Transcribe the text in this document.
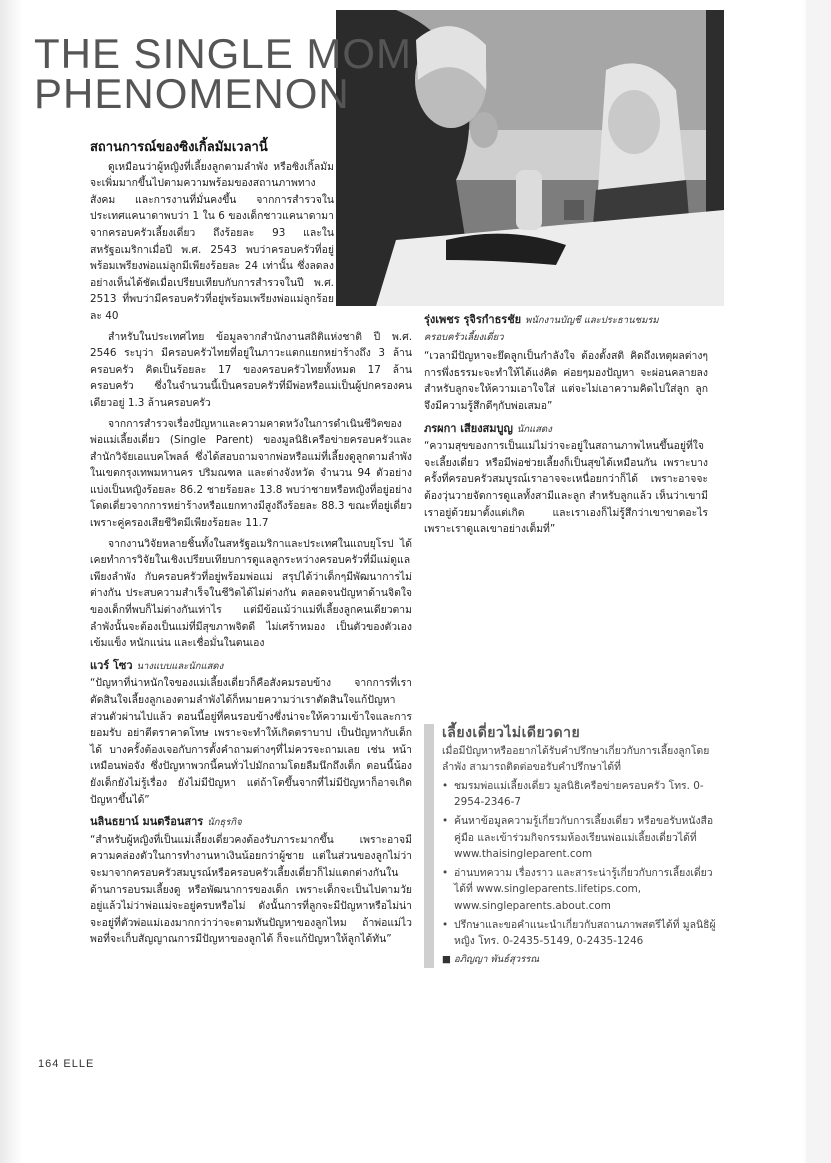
THE SINGLE MOM
PHENOMENON
สถานการณ์ของซิงเกิ้ลมัมเวลานี้

ดูเหมือนว่าผู้หญิงที่เลี้ยงลูกตามลำพัง หรือซิงเกิ้ลมัมจะเพิ่มมากขึ้นไปตามความพร้อมของสถานภาพทางสังคม และการงานที่มั่นคงขึ้น จากการสำรวจในประเทศแคนาดาพบว่า 1 ใน 6 ของเด็กชาวแคนาดามาจากครอบครัวเลี้ยงเดี่ยว ถึงร้อยละ 93 และในสหรัฐอเมริกาเมื่อปี พ.ศ. 2543 พบว่าครอบครัวที่อยู่พร้อมเพรียงพ่อแม่ลูกมีเพียงร้อยละ 24 เท่านั้น ซึ่งลดลงอย่างเห็นได้ชัดเมื่อเปรียบเทียบกับการสำรวจในปี พ.ศ. 2513 ที่พบว่ามีครอบครัวที่อยู่พร้อมเพรียงพ่อแม่ลูกร้อยละ 40

สำหรับในประเทศไทย ข้อมูลจากสำนักงานสถิติแห่งชาติ ปี พ.ศ. 2546 ระบุว่า มีครอบครัวไทยที่อยู่ในภาวะแตกแยกหย่าร้างถึง 3 ล้านครอบครัว คิดเป็นร้อยละ 17 ของครอบครัวไทยทั้งหมด 17 ล้านครอบครัว ซึ่งในจำนวนนี้เป็นครอบครัวที่มีพ่อหรือแม่เป็นผู้ปกครองคนเดียวอยู่ 1.3 ล้านครอบครัว

จากการสำรวจเรื่องปัญหาและความคาดหวังในการดำเนินชีวิตของพ่อแม่เลี้ยงเดี่ยว (Single Parent) ของมูลนิธิเครือข่ายครอบครัวและสำนักวิจัยเอแบคโพลล์ ซึ่งได้สอบถามจากพ่อหรือแม่ที่เลี้ยงดูลูกตามลำพังในเขตกรุงเทพมหานคร ปริมณฑล และต่างจังหวัด จำนวน 94 ตัวอย่าง แบ่งเป็นหญิงร้อยละ 86.2 ชายร้อยละ 13.8 พบว่าชายหรือหญิงที่อยู่อย่างโดดเดี่ยวจากการหย่าร้างหรือแยกทางมีสูงถึงร้อยละ 88.3 ขณะที่อยู่เดี่ยวเพราะคู่ครองเสียชีวิตมีเพียงร้อยละ 11.7

จากงานวิจัยหลายชิ้นทั้งในสหรัฐอเมริกาและประเทศในแถบยุโรป ได้เคยทำการวิจัยในเชิงเปรียบเทียบการดูแลลูกระหว่างครอบครัวที่มีแม่ดูแลเพียงลำพัง กับครอบครัวที่อยู่พร้อมพ่อแม่ สรุปได้ว่าเด็กๆมีพัฒนาการไม่ต่างกัน ประสบความสำเร็จในชีวิตได้ไม่ต่างกัน ตลอดจนปัญหาด้านจิตใจของเด็กที่พบก็ไม่ต่างกันเท่าไร แต่มีข้อแม้ว่าแม่ที่เลี้ยงลูกคนเดียวตามลำพังนั้นจะต้องเป็นแม่ที่มีสุขภาพจิตดี ไม่เศร้าหมอง เป็นตัวของตัวเอง เข้มแข็ง หนักแน่น และเชื่อมั่นในตนเอง

แวร์ โซว นางแบบและนักแสดง

“ปัญหาที่น่าหนักใจของแม่เลี้ยงเดี่ยวก็คือสังคมรอบข้าง จากการที่เราตัดสินใจเลี้ยงลูกเองตามลำพังได้ก็หมายความว่าเราตัดสินใจแก้ปัญหาส่วนตัวผ่านไปแล้ว ตอนนี้อยู่ที่คนรอบข้างซึ่งน่าจะให้ความเข้าใจและการยอมรับ อย่าตีตราคาดโทษ เพราะจะทำให้เกิดตราบาป เป็นปัญหากับเด็กได้ บางครั้งต้องเจอกับการตั้งคำถามต่างๆที่ไม่ควรจะถามเลย เช่น หน้าเหมือนพ่อจัง ซึ่งปัญหาพวกนี้คนทั่วไปมักถามโดยลืมนึกถึงเด็ก ตอนนี้น้องยังเด็กยังไม่รู้เรื่อง ยังไม่มีปัญหา แต่ถ้าโตขึ้นจากที่ไม่มีปัญหาก็อาจเกิดปัญหาขึ้นได้”

นลินธยาน์ มนตรีอนสาร นักธุรกิจ

“สำหรับผู้หญิงที่เป็นแม่เลี้ยงเดี่ยวคงต้องรับภาระมากขึ้น เพราะอาจมีความคล่องตัวในการทำงานหาเงินน้อยกว่าผู้ชาย แต่ในส่วนของลูกไม่ว่าจะมาจากครอบครัวสมบูรณ์หรือครอบครัวเลี้ยงเดี่ยวก็ไม่แตกต่างกันในด้านการอบรมเลี้ยงดู หรือพัฒนาการของเด็ก เพราะเด็กจะเป็นไปตามวัยอยู่แล้วไม่ว่าพ่อแม่จะอยู่ครบหรือไม่ ดังนั้นการที่ลูกจะมีปัญหาหรือไม่น่าจะอยู่ที่ตัวพ่อแม่เองมากกว่าว่าจะตามทันปัญหาของลูกไหม ถ้าพ่อแม่ไวพอที่จะเก็บสัญญาณการมีปัญหาของลูกได้ ก็จะแก้ปัญหาให้ลูกได้ทัน”

รุ่งเพชร รุจิรกำธรชัย พนักงานบัญชี และประธานชมรม
ครอบครัวเลี้ยงเดี่ยว

“เวลามีปัญหาจะยึดลูกเป็นกำลังใจ ต้องตั้งสติ คิดถึงเหตุผลต่างๆ การพึ่งธรรมะจะทำให้ได้แง่คิด ค่อยๆมองปัญหา จะผ่อนคลายลง สำหรับลูกจะให้ความเอาใจใส่ แต่จะไม่เอาความคิดไปใส่ลูก ลูกจึงมีความรู้สึกดีๆกับพ่อเสมอ”

ภรผกา เสียงสมบูญ นักแสดง

“ความสุขของการเป็นแม่ไม่ว่าจะอยู่ในสถานภาพไหนขึ้นอยู่ที่ใจ จะเลี้ยงเดี่ยว หรือมีพ่อช่วยเลี้ยงก็เป็นสุขได้เหมือนกัน เพราะบางครั้งที่ครอบครัวสมบูรณ์เราอาจจะเหนื่อยกว่าก็ได้ เพราะอาจจะต้องวุ่นวายจัดการดูแลทั้งสามีและลูก สำหรับลูกแล้ว เห็นว่าเขามีเราอยู่ด้วยมาตั้งแต่เกิด และเราเองก็ไม่รู้สึกว่าเขาขาดอะไร เพราะเราดูแลเขาอย่างเต็มที่”

เลี้ยงเดี่ยวไม่เดียวดาย
เมื่อมีปัญหาหรืออยากได้รับคำปรึกษาเกี่ยวกับการเลี้ยงลูกโดยลำพัง สามารถติดต่อขอรับคำปรึกษาได้ที่
• ชมรมพ่อแม่เลี้ยงเดี่ยว มูลนิธิเครือข่ายครอบครัว โทร. 0-2954-2346-7
• ค้นหาข้อมูลความรู้เกี่ยวกับการเลี้ยงเดี่ยว หรือขอรับหนังสือคู่มือ และเข้าร่วมกิจกรรมห้องเรียนพ่อแม่เลี้ยงเดี่ยวได้ที่ www.thaisingleparent.com
• อ่านบทความ เรื่องราว และสาระน่ารู้เกี่ยวกับการเลี้ยงเดี่ยวได้ที่ www.singleparents.lifetips.com, www.singleparents.about.com
• ปรึกษาและขอคำแนะนำเกี่ยวกับสถานภาพสตรีได้ที่ มูลนิธิผู้หญิง โทร. 0-2435-5149, 0-2435-1246
■ อภิญญา พันธ์สุวรรณ
164 ELLE
